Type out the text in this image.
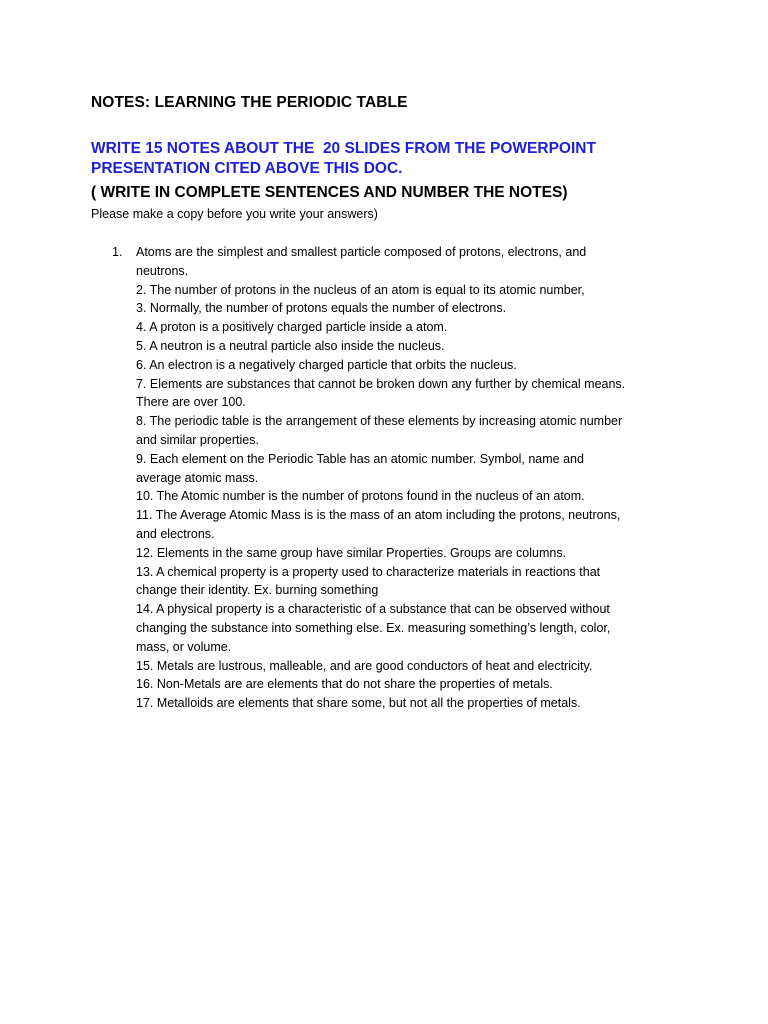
NOTES: LEARNING THE PERIODIC TABLE
WRITE 15 NOTES ABOUT THE  20 SLIDES FROM THE POWERPOINT
PRESENTATION CITED ABOVE THIS DOC.
( WRITE IN COMPLETE SENTENCES AND NUMBER THE NOTES)
Please make a copy before you write your answers)
1. Atoms are the simplest and smallest particle composed of protons, electrons, and
neutrons.
2. The number of protons in the nucleus of an atom is equal to its atomic number,
3. Normally, the number of protons equals the number of electrons.
4. A proton is a positively charged particle inside a atom.
5. A neutron is a neutral particle also inside the nucleus.
6. An electron is a negatively charged particle that orbits the nucleus.
7. Elements are substances that cannot be broken down any further by chemical means.
There are over 100.
8. The periodic table is the arrangement of these elements by increasing atomic number
and similar properties.
9. Each element on the Periodic Table has an atomic number. Symbol, name and
average atomic mass.
10. The Atomic number is the number of protons found in the nucleus of an atom.
11. The Average Atomic Mass is is the mass of an atom including the protons, neutrons,
and electrons.
12. Elements in the same group have similar Properties. Groups are columns.
13. A chemical property is a property used to characterize materials in reactions that
change their identity. Ex. burning something
14. A physical property is a characteristic of a substance that can be observed without
changing the substance into something else. Ex. measuring something’s length, color,
mass, or volume.
15. Metals are lustrous, malleable, and are good conductors of heat and electricity.
16. Non-Metals are are elements that do not share the properties of metals.
17. Metalloids are elements that share some, but not all the properties of metals.
